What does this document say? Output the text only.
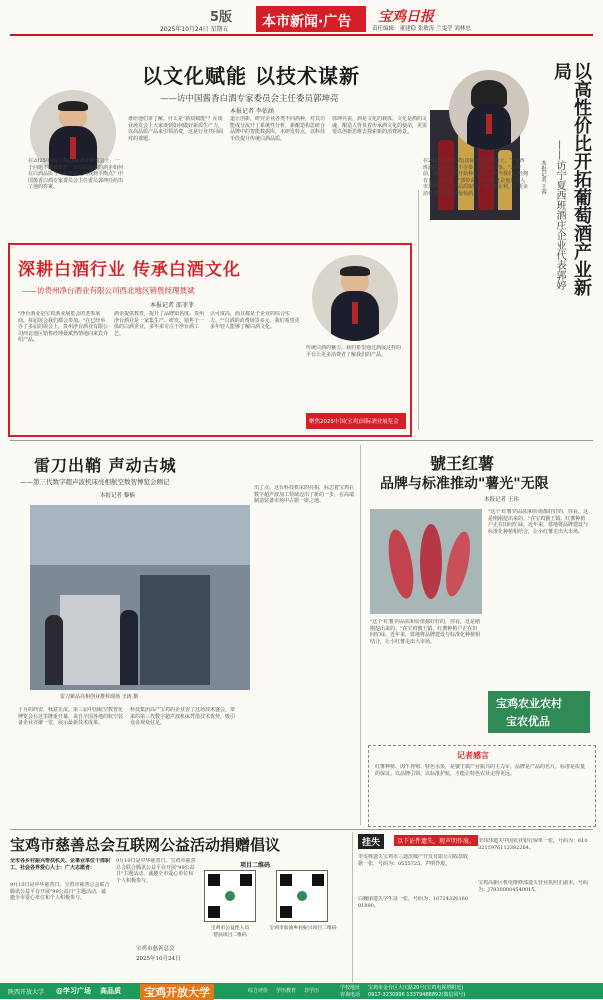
5版
2025年10月24日 星期五 本市新闻·广告 宝鸡日报
责任编辑：董建稳 张敏涛 兰雯莹 刘林忠
以文化赋能 以技术谋新
——访中国酱香白酒专家委员会主任委员郭坤亮
本报记者 李依涵
在2025中国(宝鸡)国际酒业展览会上，一个问题不断被提起：专注高品质的酒企如何在白酒品质与文化体验之间找到平衡点？中国酱香白酒专家委员会主任委员郭坤亮给出了他的答案。
谁给他们讲了解。什么是"新质赋能"？在谈业场发会上大家谈到如何做好新质生产力，以高品质产品来引领消费，这是行业共同面对的课题。
道让创新，研究企业各类不同酒种，对其功能成分流开了系统性分析，新酿造构思研合品牌中的智能数据库，本研发特点，以科技手段提升传统白酒品质。
郭坤亮说，酒是文化的载体，文化是酒的灵魂。酿造人背负着传承酒文化的使命，更需要以创新思维去探索新的消费场景。	以高性价比开拓葡萄酒产业新局
——访宁夏西班酒庄企业代表郭婷
本报记者 王蓉
在2025中国(宝鸡)国际酒业展览会上，宁夏西班酒庄展位前有不少参观者驻足品鉴。"20年前，我们在这里开始种植葡萄，如今我们已经拥有自己的酒庄。"郭婷说，高性价比是他们进入市场的关键，以品质取胜、以价格让利，让更多消费者喝得起好葡萄酒。
深耕白酒行业 传承白酒文化
——访贵州净台酒业有限公司西北地区销售经理聂斌
本报记者 邵菲菲
"净台酒业是宝鸡酒业展览会的老参展商，每届展会我们都会参加。"在已经举办了多届的展会上，贵州净台酒业有限公司西北地区销售经理聂斌热情地向来宾介绍产品。
酒企提供教育，提升了品牌知名度。贵州净台酒业是一家集生产、研发、销售于一体的白酒企业，多年来专注于净台酒工艺。
认可度高，而且都是子企业的综合实力。""白酒的消费场景多元，我们希望更多年轻人能够了解白酒文化。
传统白酒的魅力。我们希望通过酒展这样的平台让更多消费者了解我们的产品。
聚焦2025中国(宝鸡)国际酒业展览会
雷刀出鞘 声动古城
——第三代数字超声波机床亮相航空数智博览会侧记
本报记者 黎楠
雷刀新品亮相创业推荐现场 王涛 摄
十月的西安，秋意正浓。第三届中国航空数智化博览会在这里隆重开幕，来自全国各地的航空装备企业齐聚一堂，展示最新技术成果。
科技集团高产宝鸡的企业香了这场技术盛会，带来的第三代数字超声波机床凭借技术优势，吸引众多观众驻足。
出了点。这台科技机床的亮相，标志着宝鸡在数字超声波加工领域迈出了新的一步，在高端制造装备市场中占据一席之地。
號王红薯
品牌与标准推动"薯光"无限
本报记者 王玮
"这个'红薯'的品质和价值都好好的，你看，这是刚刚挖出来的。"在宝鸡號王镇，红薯种植户正在田间忙碌。近年来，當地将品牌建设与标准化种植相结合，让小红薯走出大市场。
"这个'红薯'的品质和价值都好好的，你看，这是刚刚挖出来的。"在宝鸡號王镇，红薯种植户正在田间忙碌。近年来，當地将品牌建设与标准化种植相结合，让小红薯走出大市场。
宝鸡农业农村
宝农优品
记者感言
红薯种植、肉牛养殖、特色水果，是號王镇产业振兴的主力军。品牌是产品的名片，标准是质量的保证。以品牌引领、以标准护航，才能让特色农业走得更远。
宝鸡市慈善总会互联网公益活动捐赠倡议
全市各乡村振兴帮扶机关、企事业单位干部职工、社会各界爱心人士：广大志愿者：
9月10日是中华慈善日。宝鸡市慈善总会联合腾讯公益平台开展"99公益日"主题活动，诚邀全市爱心单位和个人积极参与。
9月10日是中华慈善日。宝鸡市慈善总会联合腾讯公益平台开展"99公益日"主题活动，诚邀全市爱心单位和个人积极参与。
宝鸡市慈善总会
2025年10月24日
项目二维码
宝鸡市公益性人员
帮扶项目二维码
宝鸡市加油乡村振兴项目二维码
挂失	以下证件遗失，现声明作废。
李雯桦遗失宝鸡市三迪滨城产开发有限公司收款收据一张，号码为：0555725，声明作废。
白巍丽遗失学生证一张，号码为：1072432016001890。
李玮玮遗失中国农业银行保单一张，号码为：6103211976112382264。
宝鸡高新区机电维修部遗失营业执照正副本，号码为：J79300004540015。
陕西开放大学 @学习广场 高品质	宝鸡开放大学	综合评价 学历教育 非学历	学校地址 宝鸡市金台区大庆路20号(宝鸡电视塔附近)
咨询电话 0917-3230996 13379488892(微信同号)
